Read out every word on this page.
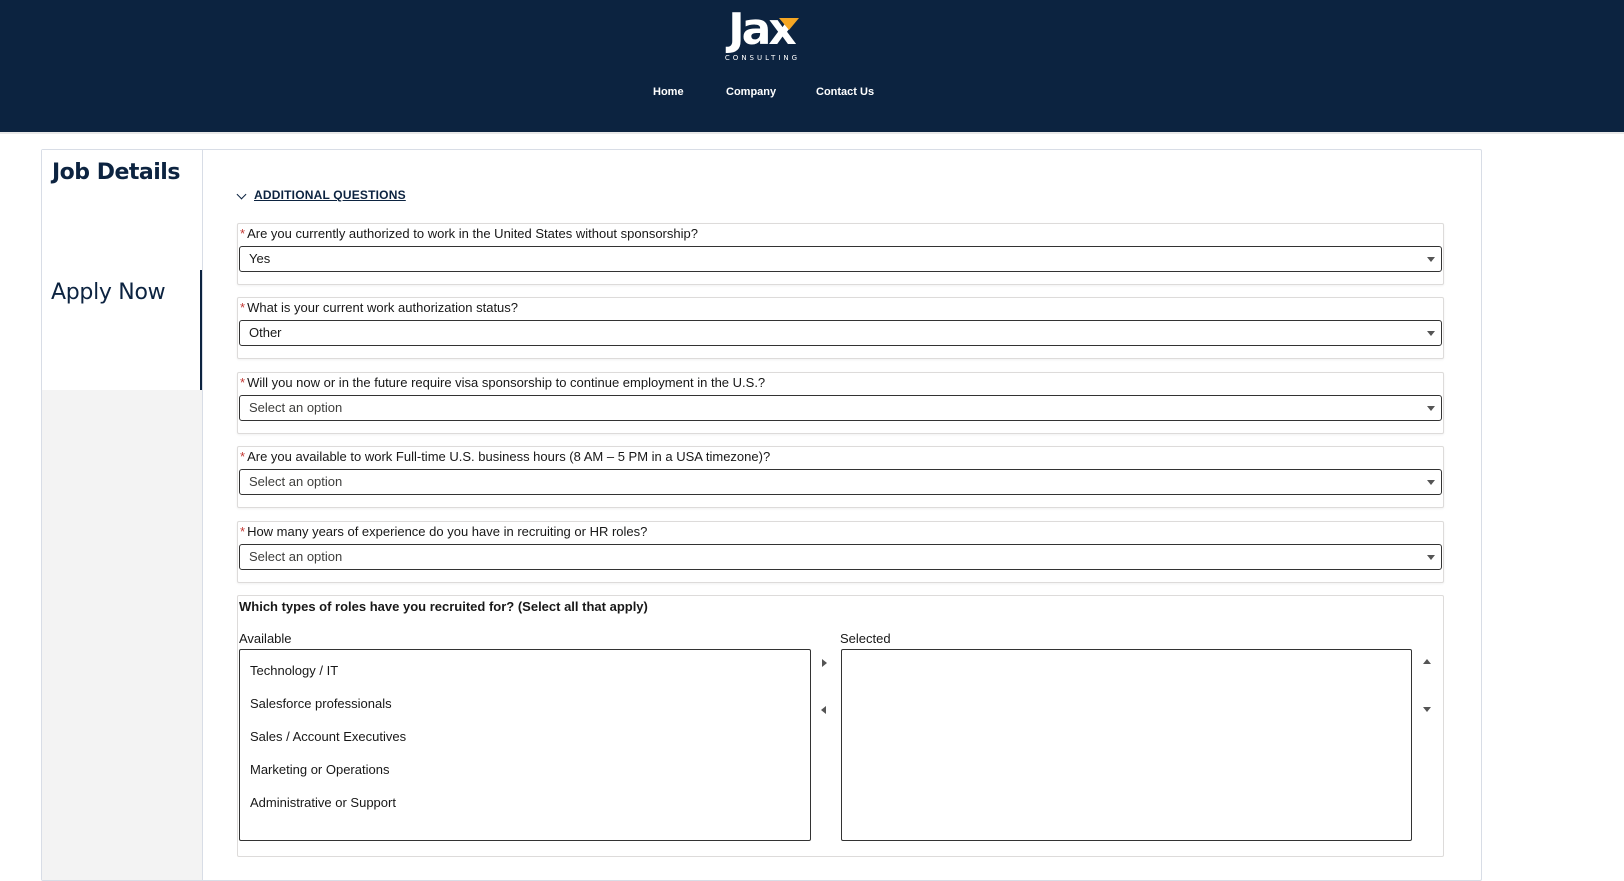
Jax
CONSULTING
Home	Company	Contact Us
Job Details
Apply Now
ADDITIONAL QUESTIONS
* Are you currently authorized to work in the United States without sponsorship?
Yes
* What is your current work authorization status?
Other
* Will you now or in the future require visa sponsorship to continue employment in the U.S.?
Select an option
* Are you available to work Full-time U.S. business hours (8 AM – 5 PM in a USA timezone)?
Select an option
* How many years of experience do you have in recruiting or HR roles?
Select an option
Which types of roles have you recruited for? (Select all that apply)
Available	Selected
Technology / IT
Salesforce professionals
Sales / Account Executives
Marketing or Operations
Administrative or Support
